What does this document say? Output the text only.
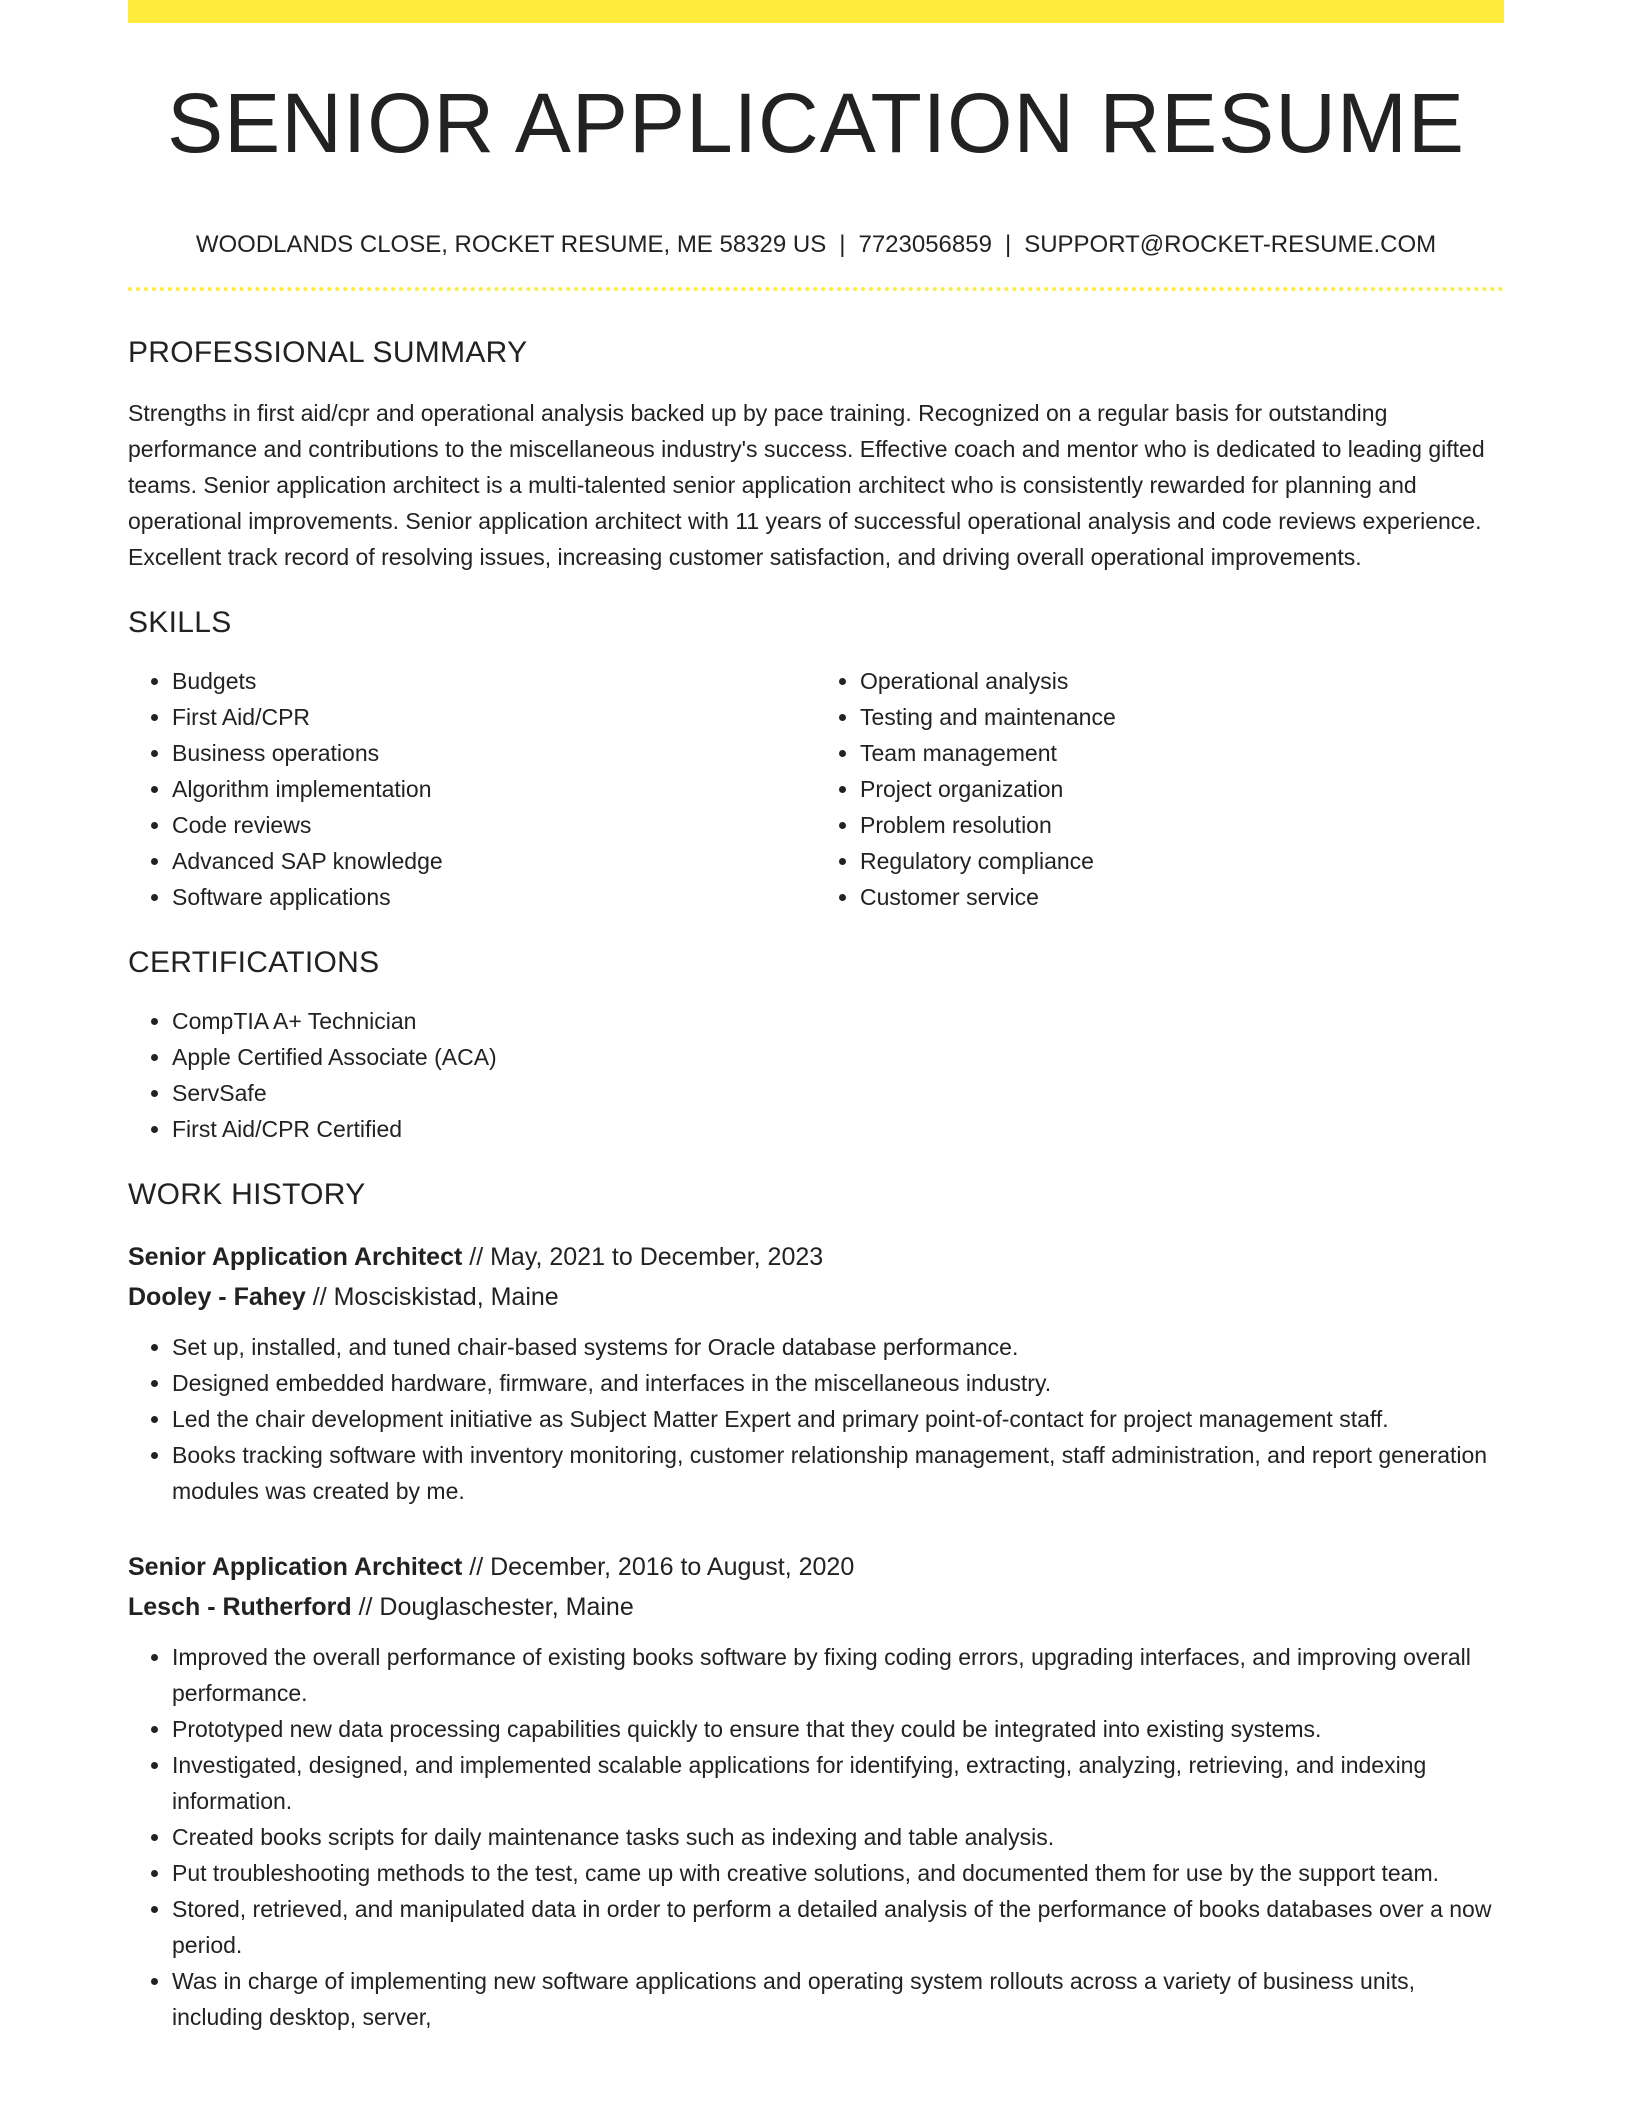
SENIOR APPLICATION RESUME
WOODLANDS CLOSE, ROCKET RESUME, ME 58329 US | 7723056859 | SUPPORT@ROCKET-RESUME.COM
PROFESSIONAL SUMMARY

Strengths in first aid/cpr and operational analysis backed up by pace training. Recognized on a regular basis for outstanding performance and contributions to the miscellaneous industry's success. Effective coach and mentor who is dedicated to leading gifted teams. Senior application architect is a multi-talented senior application architect who is consistently rewarded for planning and operational improvements. Senior application architect with 11 years of successful operational analysis and code reviews experience. Excellent track record of resolving issues, increasing customer satisfaction, and driving overall operational improvements.

SKILLS
• Budgets
• First Aid/CPR
• Business operations
• Algorithm implementation
• Code reviews
• Advanced SAP knowledge
• Software applications
• Operational analysis
• Testing and maintenance
• Team management
• Project organization
• Problem resolution
• Regulatory compliance
• Customer service
CERTIFICATIONS
• CompTIA A+ Technician
• Apple Certified Associate (ACA)
• ServSafe
• First Aid/CPR Certified
WORK HISTORY
Senior Application Architect // May, 2021 to December, 2023
Dooley - Fahey // Mosciskistad, Maine
• Set up, installed, and tuned chair-based systems for Oracle database performance.
• Designed embedded hardware, firmware, and interfaces in the miscellaneous industry.
• Led the chair development initiative as Subject Matter Expert and primary point-of-contact for project management staff.
• Books tracking software with inventory monitoring, customer relationship management, staff administration, and report generation modules was created by me.
Senior Application Architect // December, 2016 to August, 2020
Lesch - Rutherford // Douglaschester, Maine
• Improved the overall performance of existing books software by fixing coding errors, upgrading interfaces, and improving overall performance.
• Prototyped new data processing capabilities quickly to ensure that they could be integrated into existing systems.
• Investigated, designed, and implemented scalable applications for identifying, extracting, analyzing, retrieving, and indexing information.
• Created books scripts for daily maintenance tasks such as indexing and table analysis.
• Put troubleshooting methods to the test, came up with creative solutions, and documented them for use by the support team.
• Stored, retrieved, and manipulated data in order to perform a detailed analysis of the performance of books databases over a now period.
• Was in charge of implementing new software applications and operating system rollouts across a variety of business units, including desktop, server,
